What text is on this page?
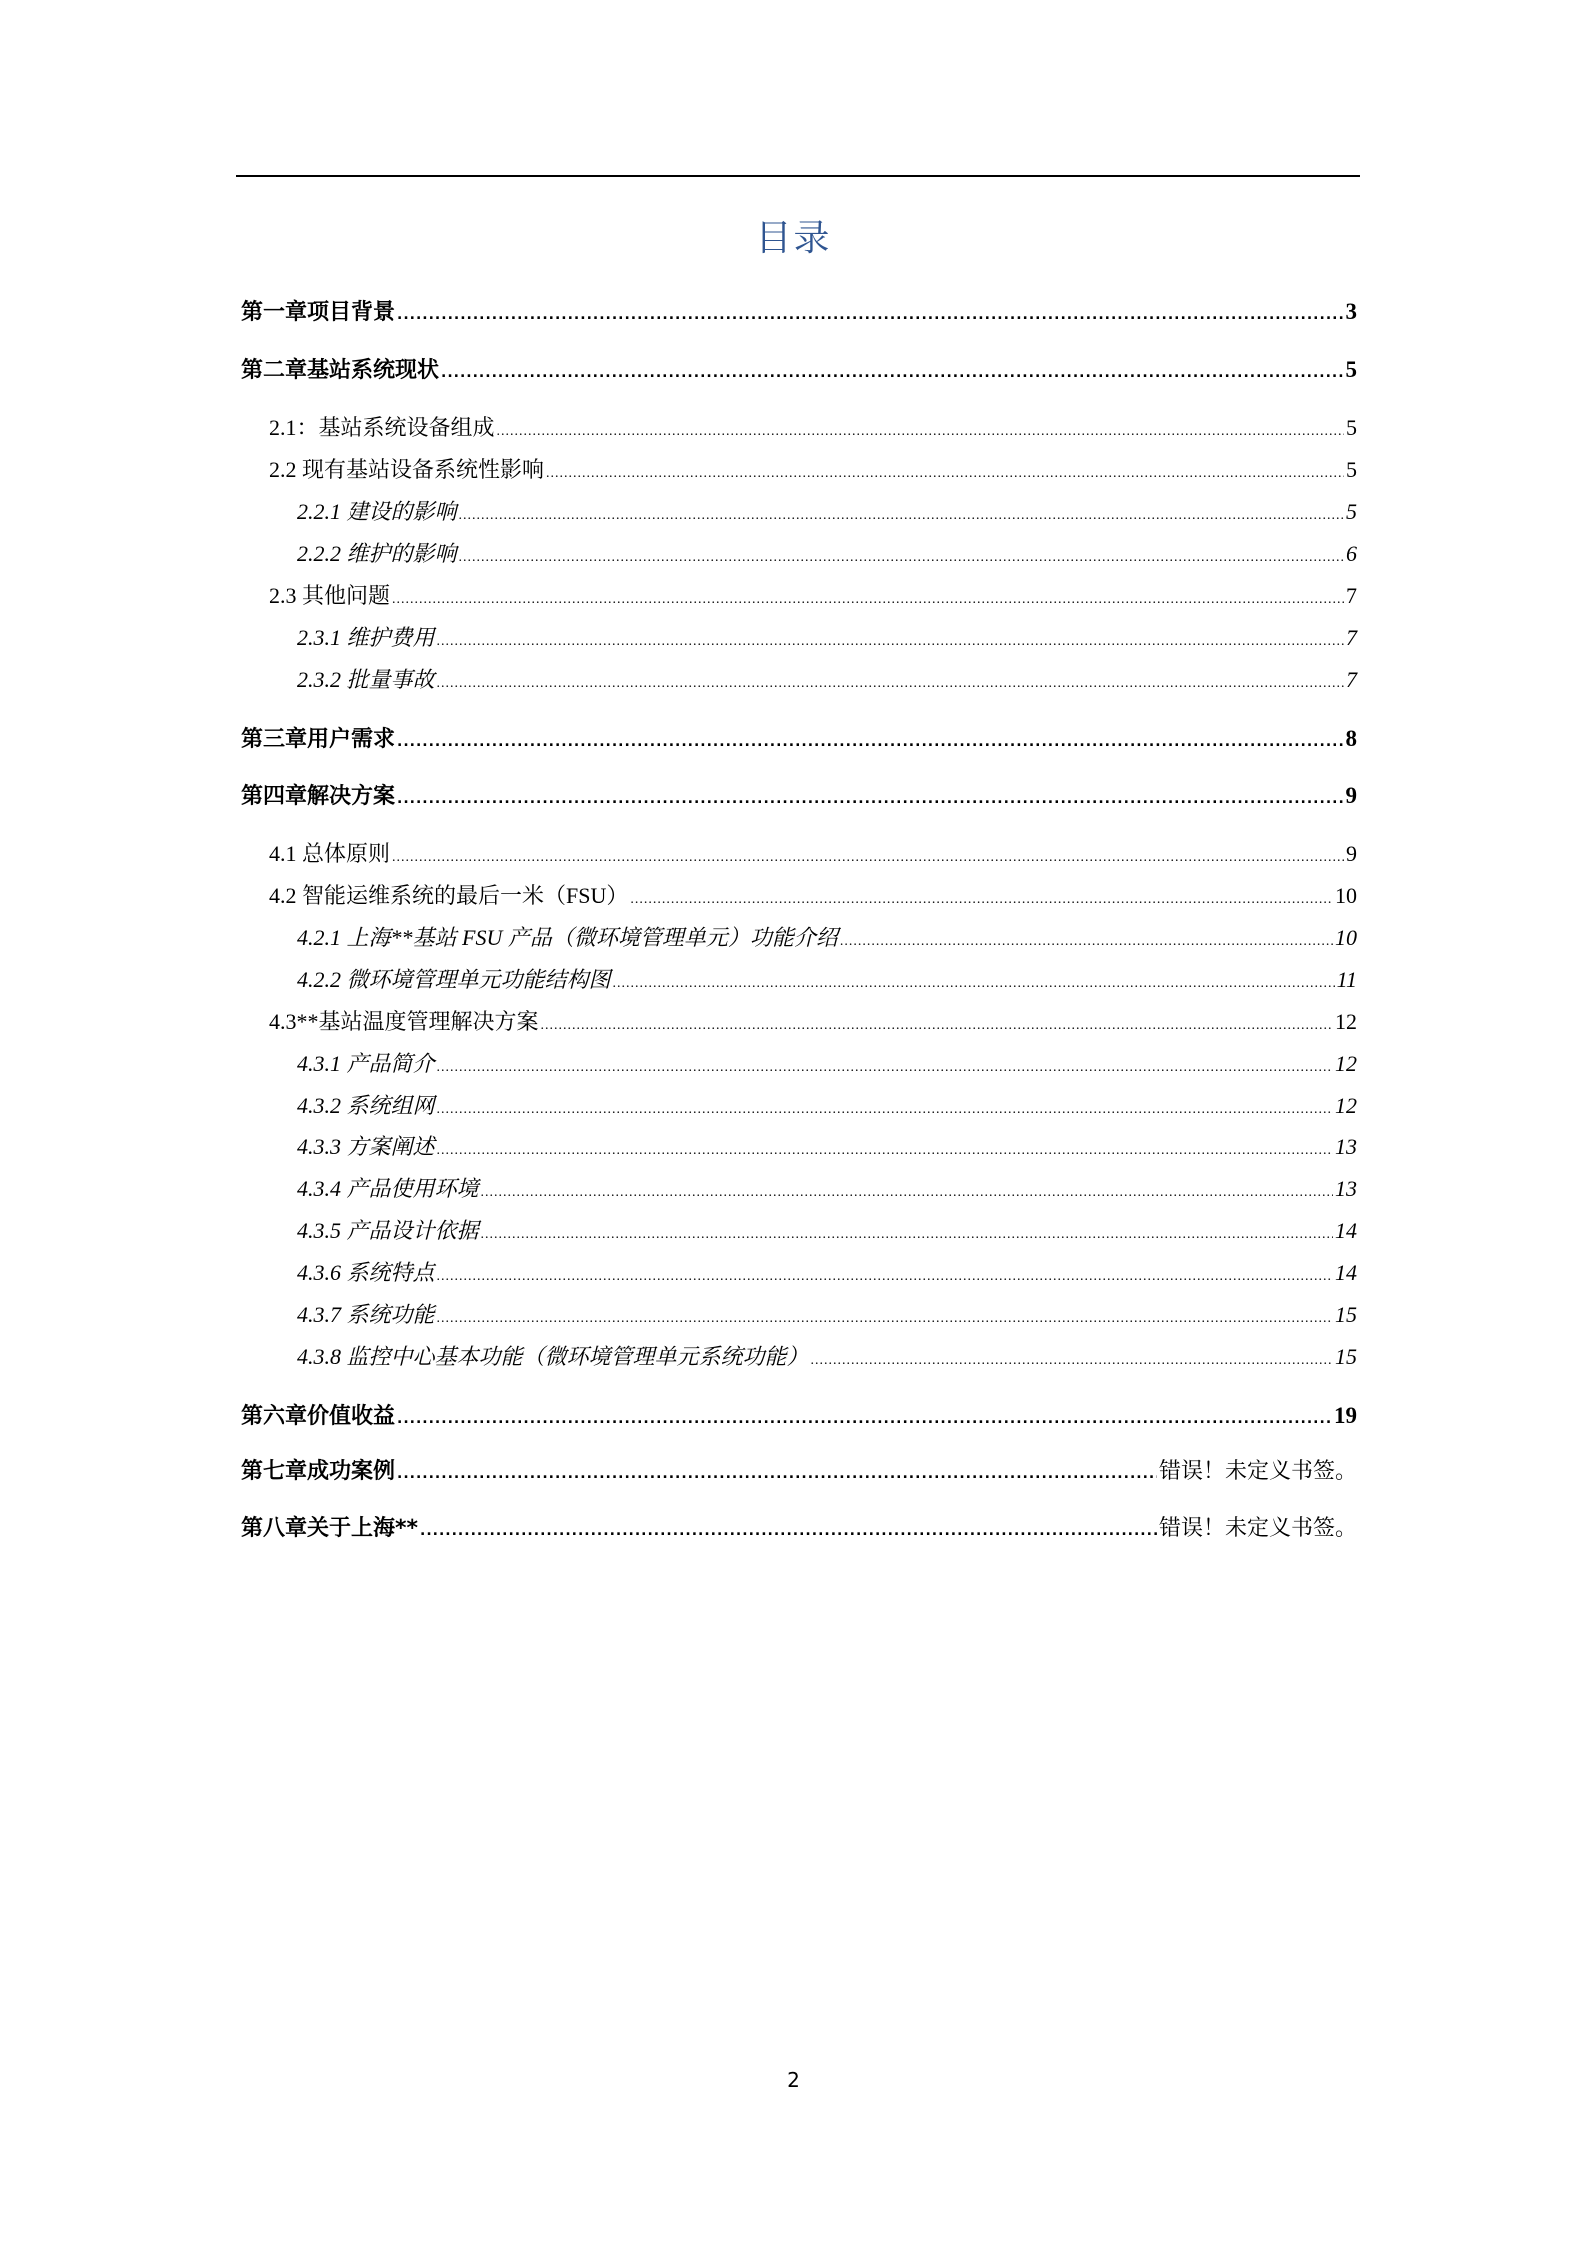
目录
第一章项目背景 .....	3
第二章基站系统现状 .....	5
2.1：基站系统设备组成 .....	5
2.2 现有基站设备系统性影响 .....	5
2.2.1 建设的影响 .....	5
2.2.2 维护的影响 .....	6
2.3 其他问题 .....	7
2.3.1 维护费用 .....	7
2.3.2 批量事故 .....	7
第三章用户需求 .....	8
第四章解决方案 .....	9
4.1 总体原则 .....	9
4.2 智能运维系统的最后一米（FSU） .....	10
4.2.1 上海**基站 FSU 产品（微环境管理单元）功能介绍 .....	10
4.2.2 微环境管理单元功能结构图 .....	11
4.3**基站温度管理解决方案 .....	12
4.3.1 产品简介 .....	12
4.3.2 系统组网 .....	12
4.3.3 方案阐述 .....	13
4.3.4 产品使用环境 .....	13
4.3.5 产品设计依据 .....	14
4.3.6 系统特点 .....	14
4.3.7 系统功能 .....	15
4.3.8 监控中心基本功能（微环境管理单元系统功能） .....	15
第六章价值收益 .....	19
第七章成功案例 .....	错误！未定义书签。
第八章关于上海** .....	错误！未定义书签。
2
